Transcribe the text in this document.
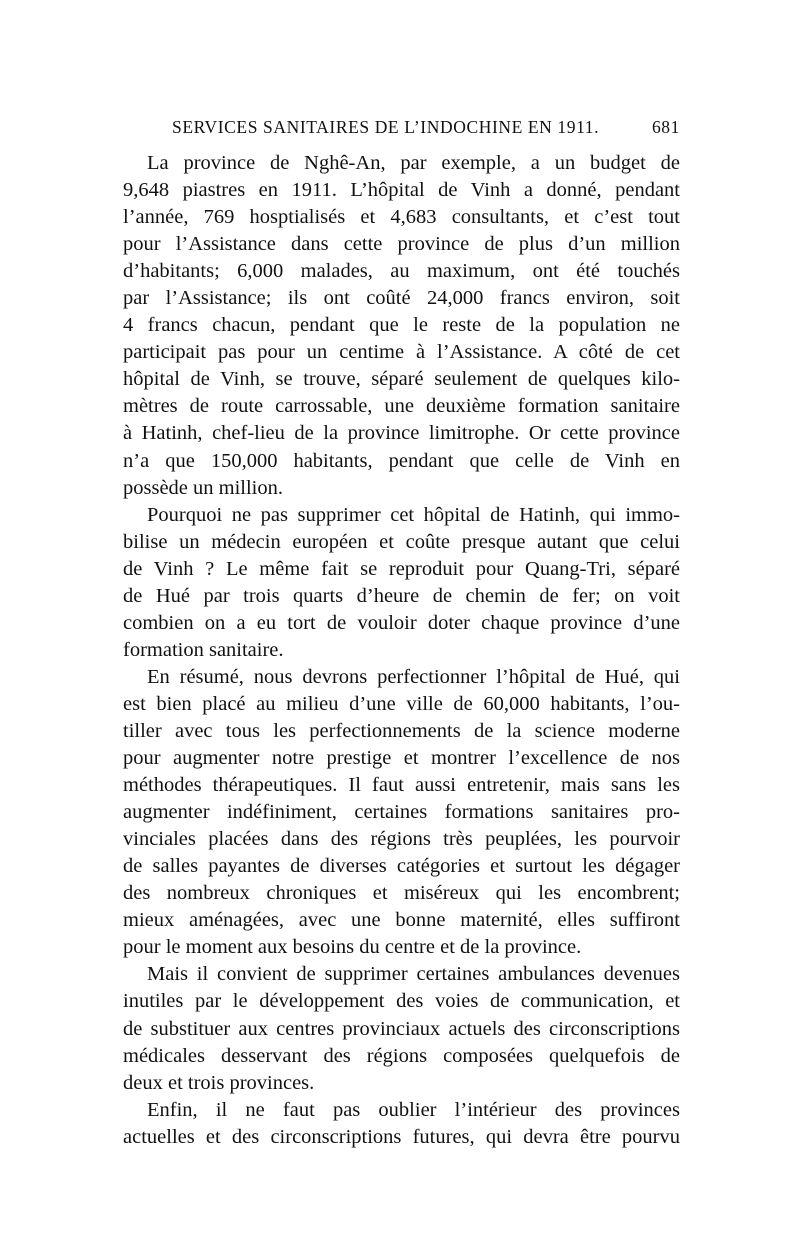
SERVICES SANITAIRES DE L’INDOCHINE EN 1911.	681
La province de Nghê-An, par exemple, a un budget de
9,648 piastres en 1911. L’hôpital de Vinh a donné, pendant
l’année, 769 hosptialisés et 4,683 consultants, et c’est tout
pour l’Assistance dans cette province de plus d’un million
d’habitants; 6,000 malades, au maximum, ont été touchés
par l’Assistance; ils ont coûté 24,000 francs environ, soit
4 francs chacun, pendant que le reste de la population ne
participait pas pour un centime à l’Assistance. A côté de cet
hôpital de Vinh, se trouve, séparé seulement de quelques kilo-
mètres de route carrossable, une deuxième formation sanitaire
à Hatinh, chef-lieu de la province limitrophe. Or cette province
n’a que 150,000 habitants, pendant que celle de Vinh en
possède un million.
Pourquoi ne pas supprimer cet hôpital de Hatinh, qui immo-
bilise un médecin européen et coûte presque autant que celui
de Vinh ? Le même fait se reproduit pour Quang-Tri, séparé
de Hué par trois quarts d’heure de chemin de fer; on voit
combien on a eu tort de vouloir doter chaque province d’une
formation sanitaire.
En résumé, nous devrons perfectionner l’hôpital de Hué, qui
est bien placé au milieu d’une ville de 60,000 habitants, l’ou-
tiller avec tous les perfectionnements de la science moderne
pour augmenter notre prestige et montrer l’excellence de nos
méthodes thérapeutiques. Il faut aussi entretenir, mais sans les
augmenter indéfiniment, certaines formations sanitaires pro-
vinciales placées dans des régions très peuplées, les pourvoir
de salles payantes de diverses catégories et surtout les dégager
des nombreux chroniques et miséreux qui les encombrent;
mieux aménagées, avec une bonne maternité, elles suffiront
pour le moment aux besoins du centre et de la province.
Mais il convient de supprimer certaines ambulances devenues
inutiles par le développement des voies de communication, et
de substituer aux centres provinciaux actuels des circonscriptions
médicales desservant des régions composées quelquefois de
deux et trois provinces.
Enfin, il ne faut pas oublier l’intérieur des provinces
actuelles et des circonscriptions futures, qui devra être pourvu
